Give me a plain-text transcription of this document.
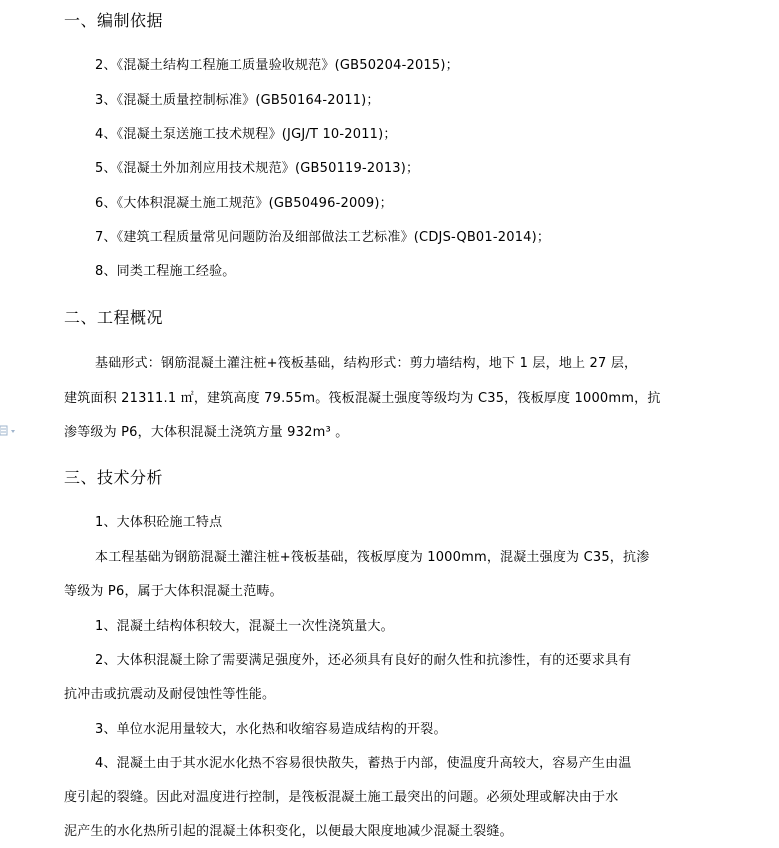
一、编制依据
2、《混凝土结构工程施工质量验收规范》(GB50204-2015)；
3、《混凝土质量控制标准》(GB50164-2011)；
4、《混凝土泵送施工技术规程》(JGJ/T 10-2011)；
5、《混凝土外加剂应用技术规范》(GB50119-2013)；
6、《大体积混凝土施工规范》(GB50496-2009)；
7、《建筑工程质量常见问题防治及细部做法工艺标准》(CDJS-QB01-2014)；
8、同类工程施工经验。
二、工程概况
基础形式：钢筋混凝土灌注桩+筏板基础，结构形式：剪力墙结构，地下 1 层，地上 27 层，
建筑面积 21311.1 ㎡，建筑高度 79.55m。筏板混凝土强度等级均为 C35，筏板厚度 1000mm，抗
渗等级为 P6，大体积混凝土浇筑方量 932m³ 。
三、技术分析
1、大体积砼施工特点
本工程基础为钢筋混凝土灌注桩+筏板基础，筏板厚度为 1000mm，混凝土强度为 C35，抗渗
等级为 P6，属于大体积混凝土范畴。
1、混凝土结构体积较大，混凝土一次性浇筑量大。
2、大体积混凝土除了需要满足强度外，还必须具有良好的耐久性和抗渗性，有的还要求具有
抗冲击或抗震动及耐侵蚀性等性能。
3、单位水泥用量较大，水化热和收缩容易造成结构的开裂。
4、混凝土由于其水泥水化热不容易很快散失，蓄热于内部，使温度升高较大，容易产生由温
度引起的裂缝。因此对温度进行控制，是筏板混凝土施工最突出的问题。必须处理或解决由于水
泥产生的水化热所引起的混凝土体积变化，以便最大限度地减少混凝土裂缝。
